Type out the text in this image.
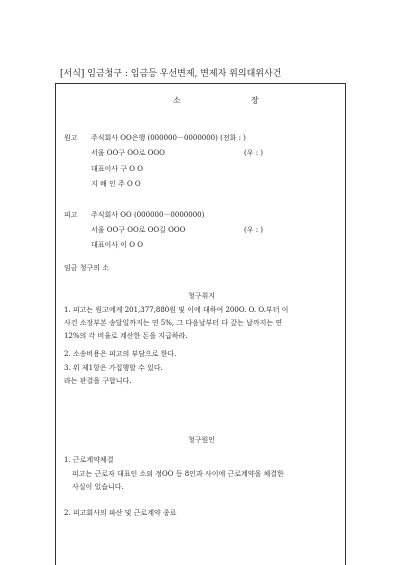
[서식] 임금청구 : 임금등 우선변제, 변제자 위의대위사건
소	장
원고 주식회사 OO은행 (000000－0000000) (전화 : )
서울 OO구 OO로 OOO	(우 : )
대표이사 구 O O
지 배 인 주 O O
피고 주식회사 OO (000000－0000000)
서울 OO구 OO로 OO길 OOO	(우 : )
대표이사 이 O O
임금 청구의 소
청구취지
1. 피고는 원고에게 201,377,880원 및 이에 대하여 200O. O. O.부터 이 사건 소장부본 송달일까지는 연 5%, 그 다음날부터 다 갚는 날까지는 연 12%의 각 비율로 계산한 돈을 지급하라.
2. 소송비용은 피고의 부담으로 한다.
3. 위 제1항은 가집행할 수 있다.
라는 판결을 구합니다.
청구원인
1. 근로계약체결
피고는 근로자 대표인 소외 정OO 등 8인과 사이에 근로계약을 체결한 사실이 있습니다.
2. 피고회사의 파산 및 근로계약 종료
